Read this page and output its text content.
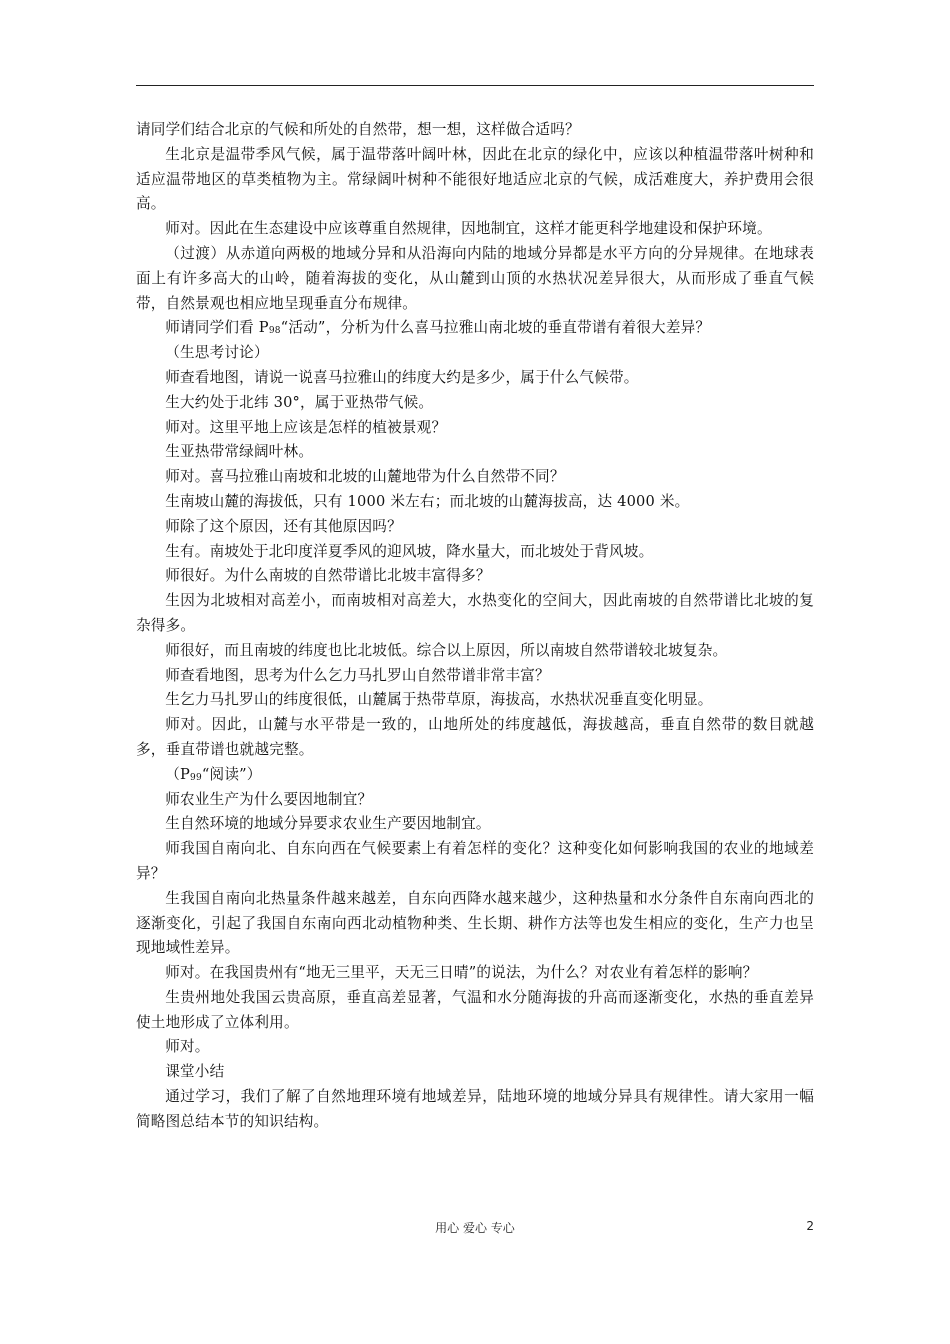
请同学们结合北京的气候和所处的自然带，想一想，这样做合适吗？

生北京是温带季风气候，属于温带落叶阔叶林，因此在北京的绿化中，应该以种植温带落叶树种和适应温带地区的草类植物为主。常绿阔叶树种不能很好地适应北京的气候，成活难度大，养护费用会很高。

师对。因此在生态建设中应该尊重自然规律，因地制宜，这样才能更科学地建设和保护环境。

（过渡）从赤道向两极的地域分异和从沿海向内陆的地域分异都是水平方向的分异规律。在地球表面上有许多高大的山岭，随着海拔的变化，从山麓到山顶的水热状况差异很大，从而形成了垂直气候带，自然景观也相应地呈现垂直分布规律。

师请同学们看 $P_{98}“$活动”，分析为什么喜马拉雅山南北坡的垂直带谱有着很大差异？

（生思考讨论）

师查看地图，请说一说喜马拉雅山的纬度大约是多少，属于什么气候带。

生大约处于北纬 30°，属于亚热带气候。

师对。这里平地上应该是怎样的植被景观？

生亚热带常绿阔叶林。

师对。喜马拉雅山南坡和北坡的山麓地带为什么自然带不同？

生南坡山麓的海拔低，只有 1000 米左右；而北坡的山麓海拔高，达 4000 米。

师除了这个原因，还有其他原因吗？

生有。南坡处于北印度洋夏季风的迎风坡，降水量大，而北坡处于背风坡。

师很好。为什么南坡的自然带谱比北坡丰富得多？

生因为北坡相对高差小，而南坡相对高差大，水热变化的空间大，因此南坡的自然带谱比北坡的复杂得多。

师很好，而且南坡的纬度也比北坡低。综合以上原因，所以南坡自然带谱较北坡复杂。

师查看地图，思考为什么乞力马扎罗山自然带谱非常丰富？

生乞力马扎罗山的纬度很低，山麓属于热带草原，海拔高，水热状况垂直变化明显。

师对。因此，山麓与水平带是一致的，山地所处的纬度越低，海拔越高，垂直自然带的数目就越多，垂直带谱也就越完整。

（$P_{99}“$阅读”）

师农业生产为什么要因地制宜？

生自然环境的地域分异要求农业生产要因地制宜。

师我国自南向北、自东向西在气候要素上有着怎样的变化？这种变化如何影响我国的农业的地域差异？

生我国自南向北热量条件越来越差，自东向西降水越来越少，这种热量和水分条件自东南向西北的逐渐变化，引起了我国自东南向西北动植物种类、生长期、耕作方法等也发生相应的变化，生产力也呈现地域性差异。

师对。在我国贵州有“地无三里平，天无三日晴”的说法，为什么？对农业有着怎样的影响？

生贵州地处我国云贵高原，垂直高差显著，气温和水分随海拔的升高而逐渐变化，水热的垂直差异使土地形成了立体利用。

师对。

课堂小结

通过学习，我们了解了自然地理环境有地域差异，陆地环境的地域分异具有规律性。请大家用一幅简略图总结本节的知识结构。

用心 爱心 专心	2
